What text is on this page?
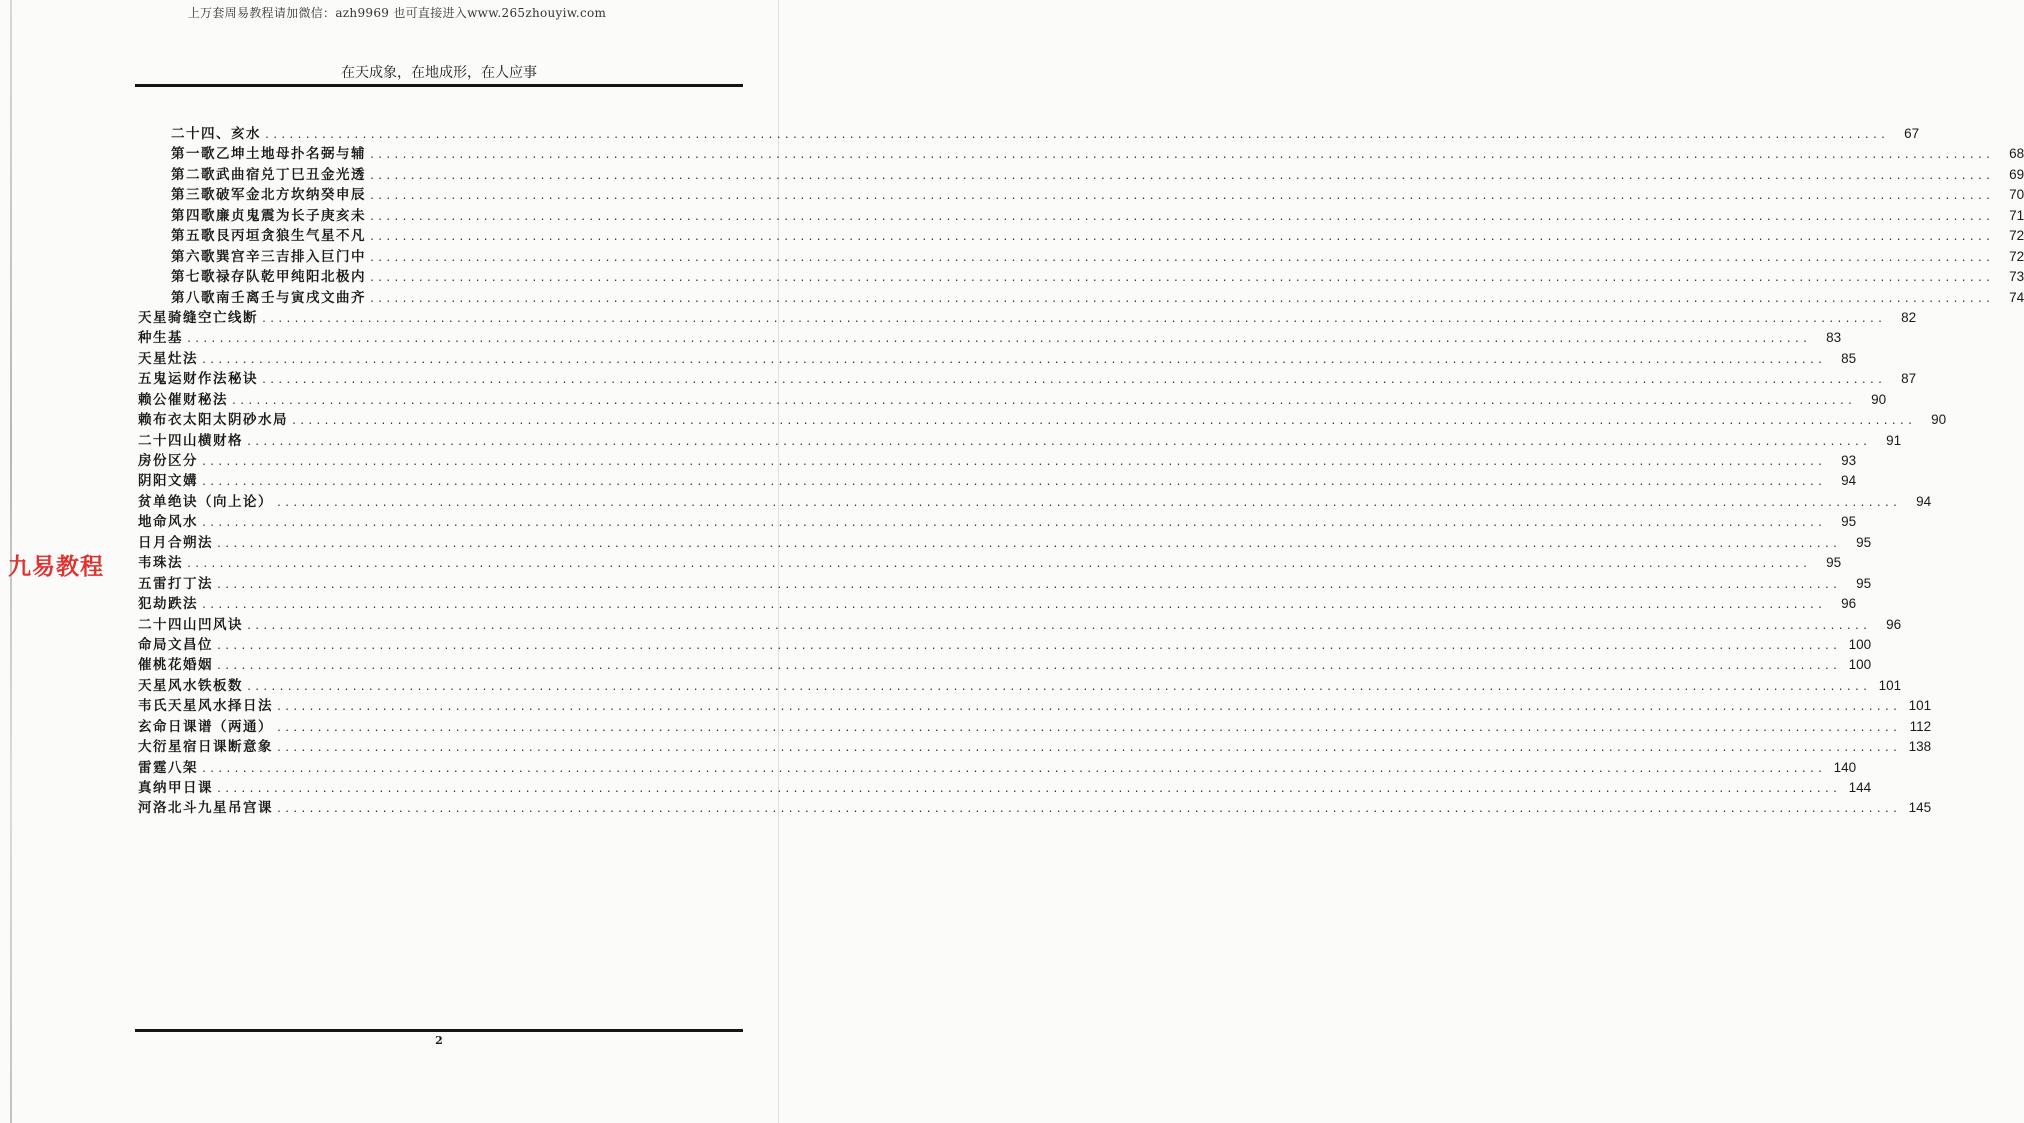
上万套周易教程请加微信：azh9969 也可直接进入www.265zhouyiw.com
在天成象，在地成形，在人应事
二十四、亥水 ........................................................................................................................................................................................................	67
第一歌乙坤土地母扑名弼与辅 ........................................................................................................................................................................................................	68
第二歌武曲宿兑丁巳丑金光透 ........................................................................................................................................................................................................	69
第三歌破军金北方坎纳癸申辰 ........................................................................................................................................................................................................	70
第四歌廉贞鬼震为长子庚亥未 ........................................................................................................................................................................................................	71
第五歌艮丙垣贪狼生气星不凡 ........................................................................................................................................................................................................	72
第六歌巽宫辛三吉排入巨门中 ........................................................................................................................................................................................................	72
第七歌禄存队乾甲纯阳北极内 ........................................................................................................................................................................................................	73
第八歌南壬离壬与寅戌文曲齐 ........................................................................................................................................................................................................	74
天星骑缝空亡线断 ........................................................................................................................................................................................................	82
种生基 ........................................................................................................................................................................................................	83
天星灶法 ........................................................................................................................................................................................................	85
五鬼运财作法秘诀 ........................................................................................................................................................................................................	87
赖公催财秘法 ........................................................................................................................................................................................................	90
赖布衣太阳太阴砂水局 ........................................................................................................................................................................................................	90
二十四山横财格 ........................................................................................................................................................................................................	91
房份区分 ........................................................................................................................................................................................................	93
阴阳文媾 ........................................................................................................................................................................................................	94
贫单绝诀（向上论） ........................................................................................................................................................................................................	94
地命风水 ........................................................................................................................................................................................................	95
日月合朔法 ........................................................................................................................................................................................................	95
韦珠法 ........................................................................................................................................................................................................	95
五雷打丁法 ........................................................................................................................................................................................................	95
犯劫跌法 ........................................................................................................................................................................................................	96
二十四山凹风诀 ........................................................................................................................................................................................................	96
命局文昌位 ........................................................................................................................................................................................................ 100
催桃花婚姻 ........................................................................................................................................................................................................ 100
天星风水铁板数 ........................................................................................................................................................................................................ 101
韦氏天星风水择日法 ........................................................................................................................................................................................................ 101
玄命日课谱（两通） ........................................................................................................................................................................................................ 112
大衍星宿日课断意象 ........................................................................................................................................................................................................ 138
雷霆八架 ........................................................................................................................................................................................................ 140
真纳甲日课 ........................................................................................................................................................................................................ 144
河洛北斗九星吊宫课 ........................................................................................................................................................................................................ 145
九易教程
2
